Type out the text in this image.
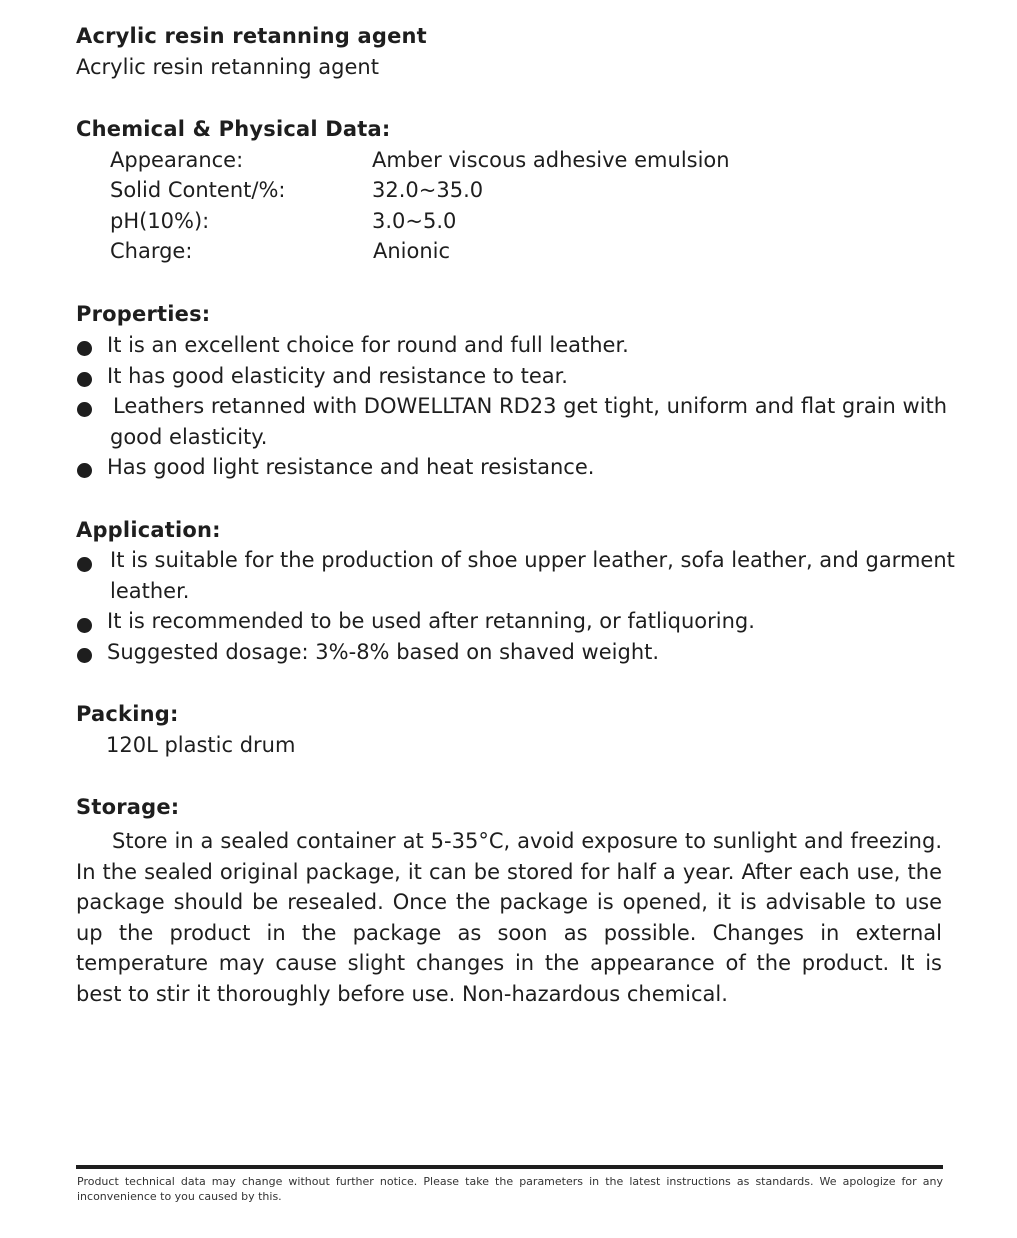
Acrylic resin retanning agent
Acrylic resin retanning agent
Chemical & Physical Data:
Appearance:	Amber viscous adhesive emulsion
Solid Content/%:	32.0~35.0
pH(10%):	3.0~5.0
Charge:	Anionic
Properties:
It is an excellent choice for round and full leather.
It has good elasticity and resistance to tear.
Leathers retanned with DOWELLTAN RD23 get tight, uniform and flat grain with
good elasticity.
Has good light resistance and heat resistance.
Application:
It is suitable for the production of shoe upper leather, sofa leather, and garment
leather.
It is recommended to be used after retanning, or fatliquoring.
Suggested dosage: 3%-8% based on shaved weight.
Packing:
120L plastic drum
Storage:
Store in a sealed container at 5-35°C, avoid exposure to sunlight and freezing. In the sealed original package, it can be stored for half a year. After each use, the package should be resealed. Once the package is opened, it is advisable to use up the product in the package as soon as possible. Changes in external temperature may cause slight changes in the appearance of the product. It is best to stir it thoroughly before use. Non-hazardous chemical.
Product technical data may change without further notice. Please take the parameters in the latest instructions as standards. We apologize for any inconvenience to you caused by this.
